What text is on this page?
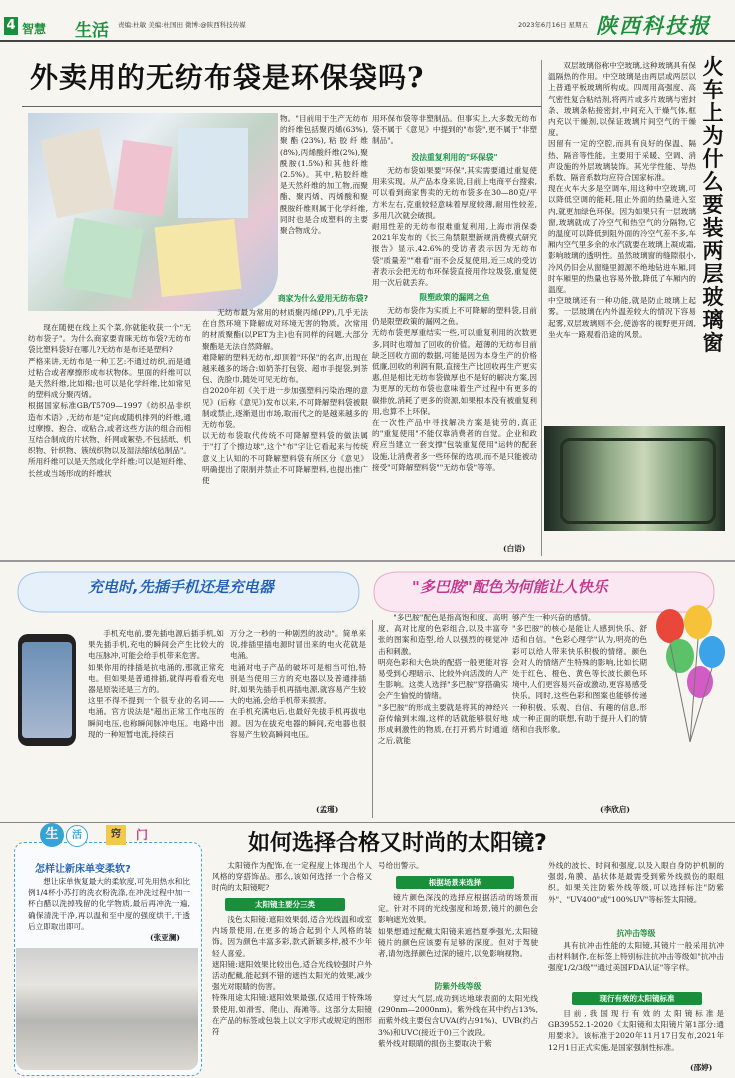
4 智慧 生活 责编:杜敏 美编:杜国田 微博:@陕西科技传媒	2023年6月16日 星期五 陕西科技报
外卖用的无纺布袋是环保袋吗?
现在随便在线上买个菜,你就能收获一个"无纺布袋子"。为什么商家要青睐无纺布袋?无纺布袋比塑料袋好在哪儿?无纺布是布还是塑料?
严格来讲,无纺布是一种工艺:不通过纺织,而是通过粘合或者摩擦形成布状物体。里面的纤维可以是天然纤维,比如棉;也可以是化学纤维,比如常见的塑料成分聚丙烯。
根据国家标准GB/T5709—1997《纺织品非织造布术语》,无纺布是"定向或随机排列的纤维,通过摩擦、抱合、或粘合,或者这些方法的组合而相互结合制成的片状物、纤网或絮垫,不包括纸、机织物、针织物、簇绒织物以及湿法缩绒毡制品"。所用纤维可以是天然或化学纤维;可以是短纤维、长丝或当场形成的纤维状
物。"目前用于生产无纺布的纤维包括聚丙烯(63%),聚酯(23%),粘胶纤维(8%),丙烯酸纤维(2%),聚酰胺(1.5%)和其他纤维(2.5%)。其中,粘胶纤维是天然纤维的加工物,而聚酯、聚丙烯、丙烯酸和聚酰胺纤维则属于化学纤维,同时也是合成塑料的主要聚合物成分。
商家为什么爱用无纺布袋?
无纺布最为常用的材质聚丙烯(PP),几乎无法在自然环境下降解成对环境无害的物质。次常用的材质聚酯(以PET为主)也有同样的问题,大部分聚酯是无法自然降解。
难降解的塑料无纺布,却顶着"环保"的名声,出现在越来越多的场合:如奶茶打包袋、超市手提袋,到茶包、洗脸巾,随处可见无纺布。
自2020年初《关于进一步加强塑料污染治理的意见》(后称《意见》)发布以来,不可降解塑料袋被限制或禁止,逐渐退出市场,取而代之的是越来越多的无纺布袋。
以无纺布袋取代传统不可降解塑料袋的做法属于"打了个擦边球",这个"布"字让它看起来与传统意义上认知的不可降解塑料袋有所区分《意见》明确提出了限制并禁止不可降解塑料,也提出推广使
用环保布袋等非塑制品。但事实上,大多数无纺布袋不属于《意见》中提到的"布袋",更不属于"非塑制品"。
没法重复利用的"环保袋"
无纺布袋如果要"环保",其实需要通过重复使用来实现。从产品本身来说,目前上电商平台搜索,可以看到商家售卖的无纺布袋多在30—80克/平方米左右,克重较轻意味着厚度较薄,耐用性较差,多用几次就会破损。
耐用性差的无纺布很难重复利用,上海市消保委2021年发布的《长三角禁限塑新规消费模式研究报告》显示,42.6%的受访者表示因为无纺布袋"质量差""难看"而不会反复使用,近三成的受访者表示会把无纺布环保袋直接用作垃圾袋,重复使用一次后就丢弃。
限塑政策的漏网之鱼
无纺布袋作为实质上不可降解的塑料袋,目前仍是限塑政策的漏网之鱼。
无纺布袋更厚重结实一些,可以重复利用的次数更多,同时也增加了回收的价值。超薄的无纺布目前缺乏回收方面的数据,可能是因为本身生产的价格低廉,回收的利润有限,直接生产比回收再生产更实惠,但是相比无纺布袋做厚也不是好的解决方案,因为更厚的无纺布袋也意味着生产过程中有更多的碳排放,消耗了更多的资源,如果根本没有被重复利用,也算不上环保。
在一次性产品中寻找解决方案是徒劳的,真正的"重复使用"不能仅靠消费者的自觉。企业和政府应当建立一套支撑"包装重复使用"运转的配套设施,让消费者多一些环保的选项,而不是只能被动接受"可降解塑料袋""无纺布袋"等等。
(白语)
火车上为什么要装两层玻璃窗
双层玻璃俗称中空玻璃,这种玻璃具有保温隔热的作用。中空玻璃是由两层或两层以上普通平板玻璃所构成。四周用高强度、高气密性复合粘结剂,将两片或多片玻璃与密封条、玻璃条粘接密封,中间充入干燥气体,框内充以干燥剂,以保证玻璃片间空气的干燥度。
因留有一定的空腔,而具有良好的保温、隔热、隔音等性能。主要用于采暖、空调、消声设施的外层玻璃装饰。其光学性能、导热系数、隔音系数均应符合国家标准。
现在火车大多是空调车,用这种中空玻璃,可以降低空调的能耗,阻止外面的热量进入室内,就更加绿色环保。因为如果只有一层玻璃窗,玻璃就成了冷空气和热空气的分隔物,它的温度可以降低到阻外面的冷空气差不多,车厢内空气里多余的水汽就要在玻璃上凝成霜,影响玻璃的透明性。虽然玻璃窗的缝隙很小,冷风仍旧会从窗缝里源源不绝地钻进车厢,同时车厢里的热量也容易外散,降低了车厢内的温度。
中空玻璃还有一种功能,就是防止玻璃上起雾。一层玻璃在内外温差较大的情况下容易起雾,双层玻璃则不会,使游客的视野更开阔,坐火车一路观看沿途的风景。
充电时,先插手机还是充电器	"多巴胺"配色为何能让人快乐
手机充电前,要先插电源后插手机,如果先插手机,充电的瞬间会产生比较大的电压脉冲,可能会给手机带来危害。
如果你用的排插是抗电涌的,那就正常充电。但如果是普通排插,就得再看看充电器是原装还是三方的。
这里不得不提到一个很专业的名词——电涌。官方说法是"超出正常工作电压的瞬间电压,也称瞬间脉冲电压。电路中出现的一种短暂电流,持续百
万分之一秒的一种剧烈的波动"。简单来说,排插里插电源时冒出来的电火花就是电涌。
电涌对电子产品的破坏可是相当可怕,特别是当使用三方的充电器以及普通排插时,如果先插手机再插电源,就容易产生较大的电涌,会给手机带来损害。
在手机充满电后,也最好先拔手机再拔电源。因为在拔充电器的瞬间,充电器也很容易产生较高瞬间电压。
(孟瑾)
"多巴胺"配色是指高饱和度、高明度、高对比度的色彩组合,以及丰富夸张的图案和造型,给人以强烈的视觉冲击和刺激。
明亮色彩和大色块的配搭一般更能对容易受到心理暗示、比较外向活泼的人产生影响。这类人选择"多巴胺"穿搭确实会产生愉悦的情绪。
"多巴胺"的形成主要就是将其的神经兴奋传输到末端,这样的话就能够很好地形成刺激性的物质,在打开鸦片时通道之后,就能
够产生一种兴奋的感情。
"多巴胺"的核心是能让人感到快乐、舒适和自信。"色彩心理学"认为,明亮的色彩可以给人带来快乐积极的情绪。颜色会对人的情绪产生特殊的影响,比如长期处于红色、橙色、黄色等长波长颜色环境中,人们更容易兴奋或激动,更容易感受快乐。同时,这些色彩和图案也能够传递一种积极、乐观、自信、有趣的信息,形成一种正面的联想,有助于提升人们的情绪和自我形象。
(李欣启)
生	活	窍	门
怎样让新床单变柔软?
想让床单恢复最大的柔软度,可先用热水和比例1/4杯小苏打的洗衣粉洗涤,在冲洗过程中加一杯白醋以洗掉残留的化学物质,最后再冲洗一遍,确保清洗干净,再以温和至中度的强度烘干,干透后立即取出即可。
(张亚澜)
如何选择合格又时尚的太阳镜?
太阳镜作为配饰,在一定程度上体现出个人风格的穿搭饰品。那么,该如何选择一个合格又时尚的太阳镜呢?
太阳镜主要分三类
浅色太阳镜:遮阳效果弱,适合光线温和或室内场景使用,在更多的场合起到个人风格的装饰。因为颜色丰富多彩,款式新颖多样,被不少年轻人喜爱。
遮阳镜:遮阳效果比较出色,适合光线较强时户外活动配戴,能起到不错的遮挡太阳光的效果,减少强光对眼睛的伤害。
特殊用途太阳镜:遮阳效果最强,仅适用于特殊场景使用,如滑雪、爬山、海滩等。这部分太阳镜在产品的标签或包装上以文字形式或规定的图形符
号给出警示。
根据场景来选择
镜片颜色深浅的选择应根据活动的场景而定。针对不同的光线强度和场景,镜片的颜色会影响遮光效果。
如果想通过配戴太阳镜来遮挡夏季强光,太阳镜镜片的颜色应该要有足够的深度。但对于驾驶者,请勿选择颜色过深的镜片,以免影响视物。
防紫外线等级
穿过大气层,成功到达地球表面的太阳光线(290nm—2000nm)。紫外线在其中约占13%,而紫外线主要包含UVA(约占91%)、UVB(约占3%)和UVC(接近于0)三个波段。
紫外线对眼睛的损伤主要取决于紫
外线的波长、时间和强度,以及入眼自身防护机制的强弱,角膜、晶状体是最需受到紫外线损伤的眼组织。如果关注防紫外线等级,可以选择标注"防紫外"、"UV400"或"100%UV"等标签太阳镜。
抗冲击等级
具有抗冲击性能的太阳镜,其镜片一般采用抗冲击材料制作,在标签上特别标注抗冲击等级如"抗冲击强度1/2/3级""通过美国FDA认证"等字样。
现行有效的太阳镜标准
目前,我国现行有效的太阳镜标准是GB39552.1-2020《太阳镜和太阳镜片第1部分:通用要求》。该标准于2020年11月17日发布,2021年12月1日正式实施,是国家强制性标准。
(邵婷)
